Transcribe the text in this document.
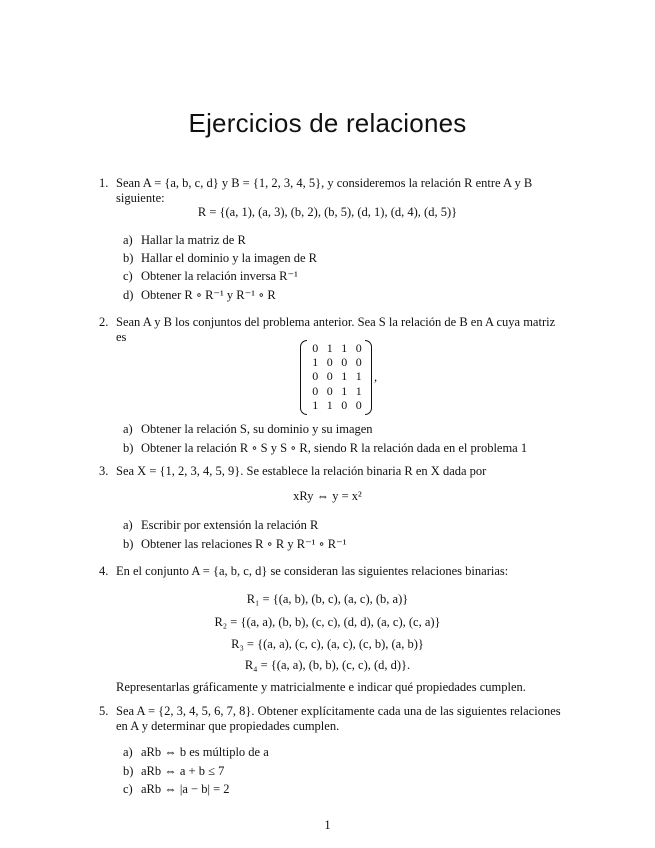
Ejercicios de relaciones
1. Sean A = {a, b, c, d} y B = {1, 2, 3, 4, 5}, y consideremos la relación R entre A y B
siguiente:
R = {(a, 1), (a, 3), (b, 2), (b, 5), (d, 1), (d, 4), (d, 5)}
a) Hallar la matriz de R
b) Hallar el dominio y la imagen de R
c) Obtener la relación inversa R⁻¹
d) Obtener R ∘ R⁻¹ y R⁻¹ ∘ R
2. Sean A y B los conjuntos del problema anterior. Sea S la relación de B en A cuya matriz
es
0 1 1 0
1 0 0 0
0 0 1 1
0 0 1 1
1 1 0 0
,
a) Obtener la relación S, su dominio y su imagen
b) Obtener la relación R ∘ S y S ∘ R, siendo R la relación dada en el problema 1
3. Sea X = {1, 2, 3, 4, 5, 9}. Se establece la relación binaria R en X dada por
xRy ⇔ y = x²
a) Escribir por extensión la relación R
b) Obtener las relaciones R ∘ R y R⁻¹ ∘ R⁻¹
4. En el conjunto A = {a, b, c, d} se consideran las siguientes relaciones binarias:
R₁ = {(a, b), (b, c), (a, c), (b, a)}
R₂ = {(a, a), (b, b), (c, c), (d, d), (a, c), (c, a)}
R₃ = {(a, a), (c, c), (a, c), (c, b), (a, b)}
R₄ = {(a, a), (b, b), (c, c), (d, d)}.
Representarlas gráficamente y matricialmente e indicar qué propiedades cumplen.
5. Sea A = {2, 3, 4, 5, 6, 7, 8}. Obtener explícitamente cada una de las siguientes relaciones
en A y determinar que propiedades cumplen.
a) aRb ⇔ b es múltiplo de a
b) aRb ⇔ a + b ≤ 7
c) aRb ⇔ |a − b| = 2
1
